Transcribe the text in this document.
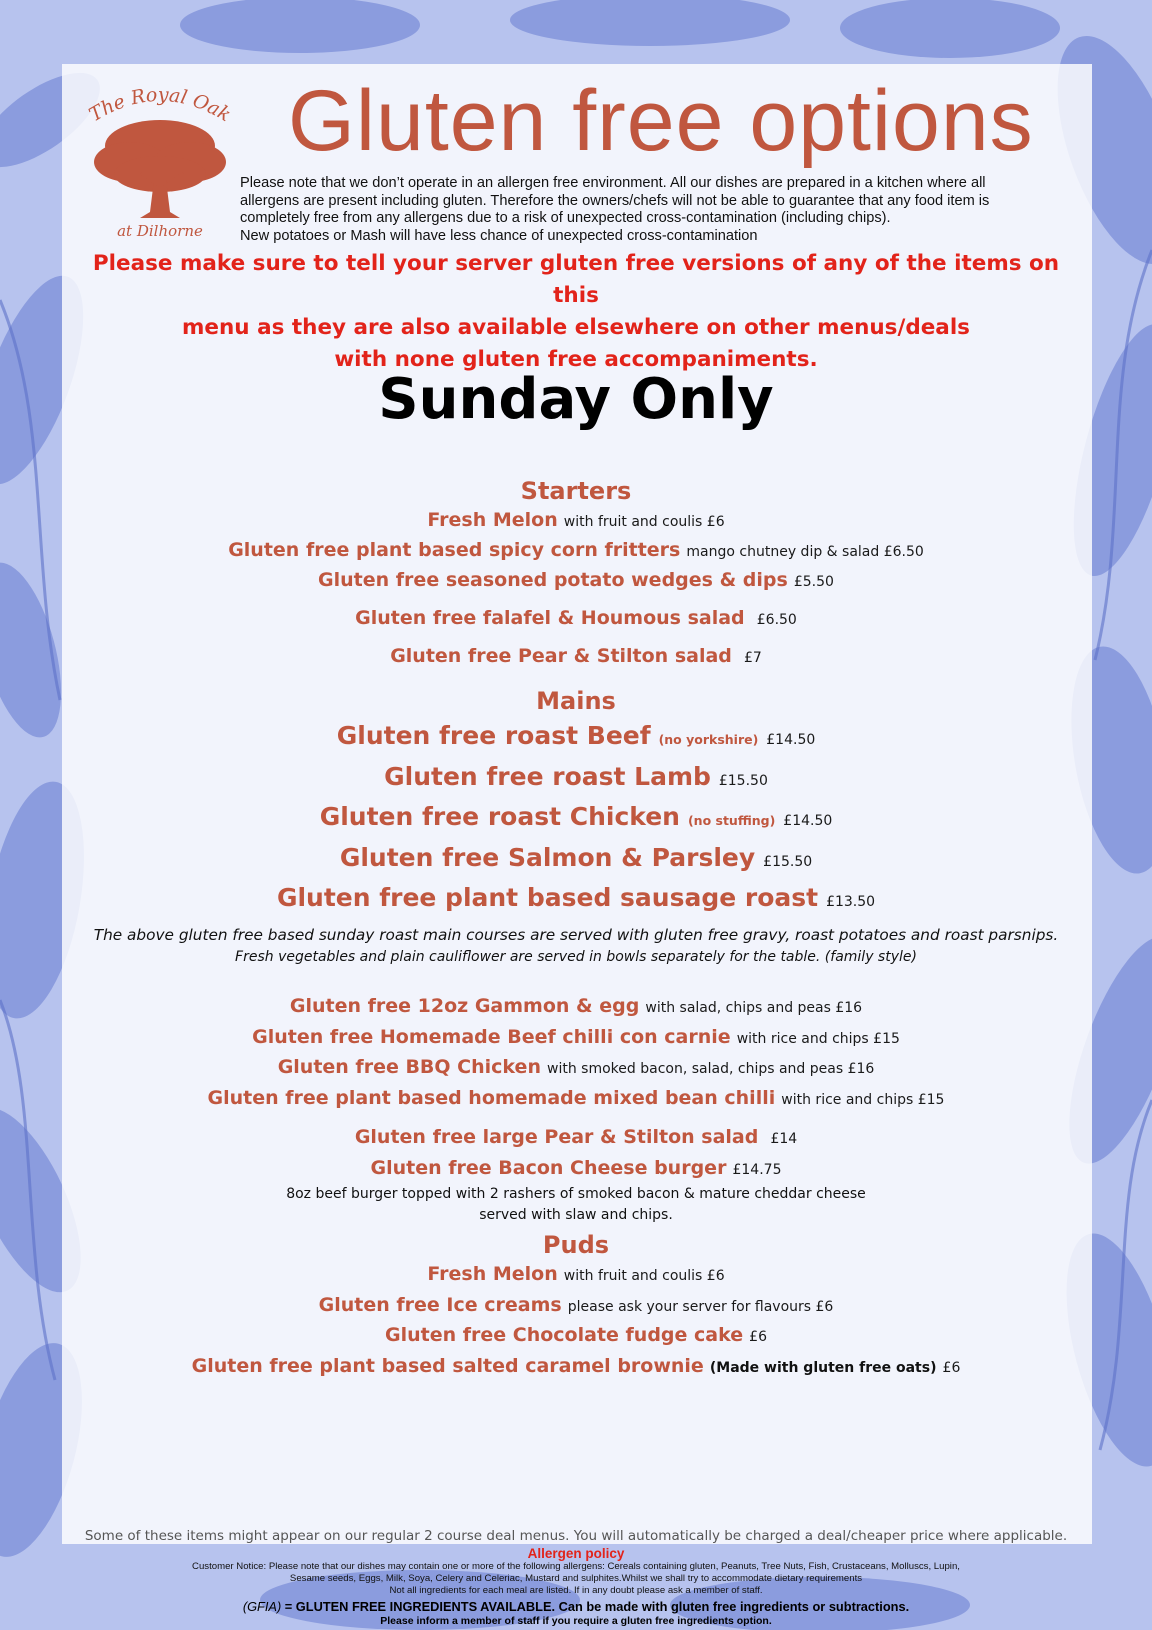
The Royal Oak
at Dilhorne
Gluten free options
Please note that we don’t operate in an allergen free environment. All our dishes are prepared in a kitchen where all
allergens are present including gluten. Therefore the owners/chefs will not be able to guarantee that any food item is
completely free from any allergens due to a risk of unexpected cross-contamination (including chips).
New potatoes or Mash will have less chance of unexpected cross-contamination
Please make sure to tell your server gluten free versions of any of the items on this
menu as they are also available elsewhere on other menus/deals
with none gluten free accompaniments.
Sunday Only
Starters
Fresh Melon with fruit and coulis £6
Gluten free plant based spicy corn fritters mango chutney dip & salad £6.50
Gluten free seasoned potato wedges & dips £5.50
Gluten free falafel & Houmous salad £6.50
Gluten free Pear & Stilton salad £7
Mains
Gluten free roast Beef (no yorkshire) £14.50
Gluten free roast Lamb £15.50
Gluten free roast Chicken (no stuffing) £14.50
Gluten free Salmon & Parsley £15.50
Gluten free plant based sausage roast £13.50
The above gluten free based sunday roast main courses are served with gluten free gravy, roast potatoes and roast parsnips.
Fresh vegetables and plain cauliflower are served in bowls separately for the table. (family style)
Gluten free 12oz Gammon & egg with salad, chips and peas £16
Gluten free Homemade Beef chilli con carnie with rice and chips £15
Gluten free BBQ Chicken with smoked bacon, salad, chips and peas £16
Gluten free plant based homemade mixed bean chilli with rice and chips £15
Gluten free large Pear & Stilton salad £14
Gluten free Bacon Cheese burger £14.75
8oz beef burger topped with 2 rashers of smoked bacon & mature cheddar cheese
served with slaw and chips.
Puds
Fresh Melon with fruit and coulis £6
Gluten free Ice creams please ask your server for flavours £6
Gluten free Chocolate fudge cake £6
Gluten free plant based salted caramel brownie (Made with gluten free oats) £6
Some of these items might appear on our regular 2 course deal menus. You will automatically be charged a deal/cheaper price where applicable.
Allergen policy
Customer Notice: Please note that our dishes may contain one or more of the following allergens: Cereals containing gluten, Peanuts, Tree Nuts, Fish, Crustaceans, Molluscs, Lupin,
Sesame seeds, Eggs, Milk, Soya, Celery and Celeriac, Mustard and sulphites.Whilst we shall try to accommodate dietary requirements
Not all ingredients for each meal are listed. If in any doubt please ask a member of staff.
(GFIA) = GLUTEN FREE INGREDIENTS AVAILABLE. Can be made with gluten free ingredients or subtractions.
Please inform a member of staff if you require a gluten free ingredients option.
